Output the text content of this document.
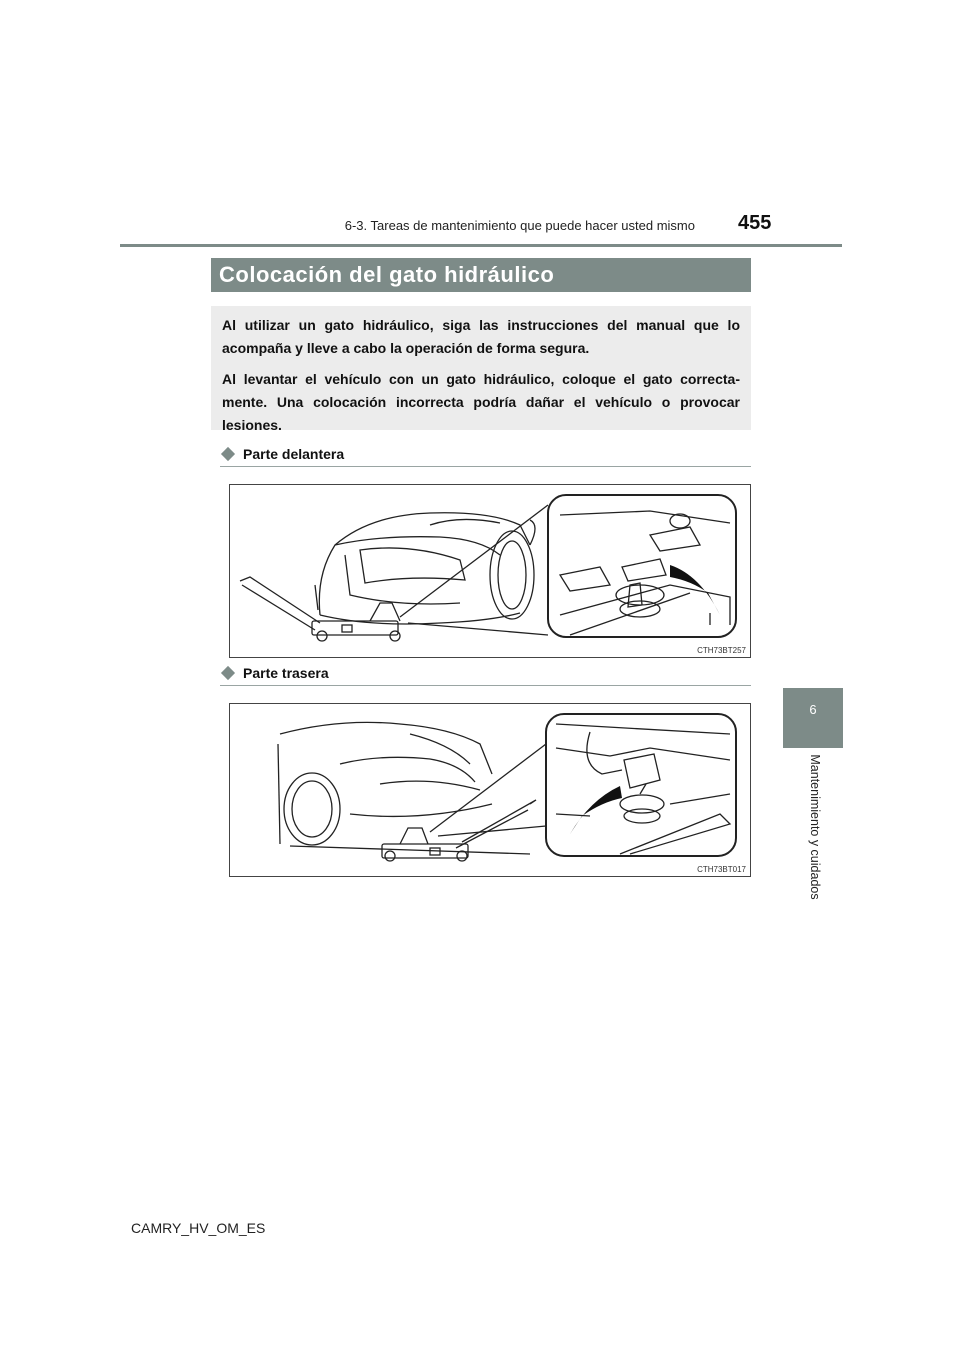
6-3. Tareas de mantenimiento que puede hacer usted mismo 455
6
Mantenimiento y cuidados
Colocación del gato hidráulico

Al utilizar un gato hidráulico, siga las instrucciones del manual que lo acompaña y lleve a cabo la operación de forma segura.

Al levantar el vehículo con un gato hidráulico, coloque el gato correcta-mente. Una colocación incorrecta podría dañar el vehículo o provocar lesiones.

Parte delantera
CTH73BT257
Parte trasera
CTH73BT017
CAMRY_HV_OM_ES
